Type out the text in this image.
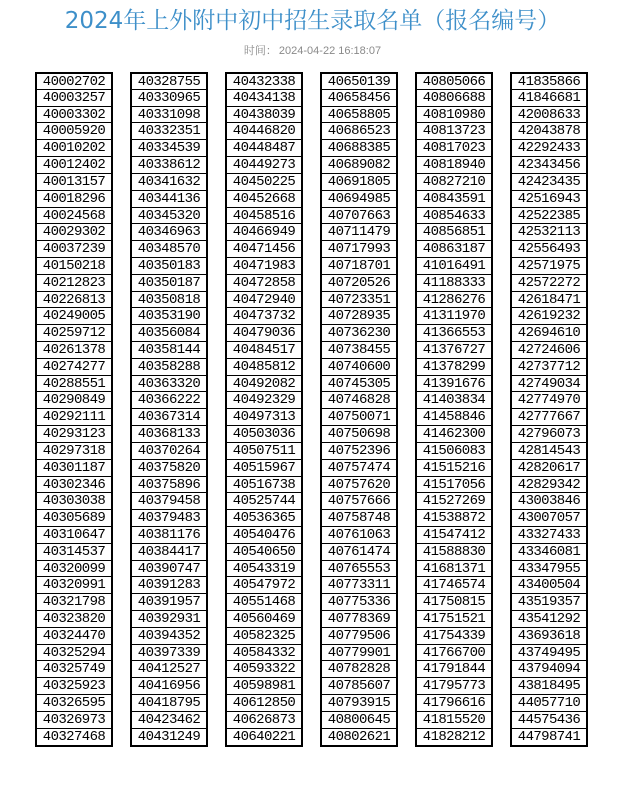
2024年上外附中初中招生录取名单（报名编号）
时间： 2024-04-22 16:18:07
40002702
40003257
40003302
40005920
40010202
40012402
40013157
40018296
40024568
40029302
40037239
40150218
40212823
40226813
40249005
40259712
40261378
40274277
40288551
40290849
40292111
40293123
40297318
40301187
40302346
40303038
40305689
40310647
40314537
40320099
40320991
40321798
40323820
40324470
40325294
40325749
40325923
40326595
40326973
40327468
40328755
40330965
40331098
40332351
40334539
40338612
40341632
40344136
40345320
40346963
40348570
40350183
40350187
40350818
40353190
40356084
40358144
40358288
40363320
40366222
40367314
40368133
40370264
40375820
40375896
40379458
40379483
40381176
40384417
40390747
40391283
40391957
40392931
40394352
40397339
40412527
40416956
40418795
40423462
40431249
40432338
40434138
40438039
40446820
40448487
40449273
40450225
40452668
40458516
40466949
40471456
40471983
40472858
40472940
40473732
40479036
40484517
40485812
40492082
40492329
40497313
40503036
40507511
40515967
40516738
40525744
40536365
40540476
40540650
40543319
40547972
40551468
40560469
40582325
40584332
40593322
40598981
40612850
40626873
40640221
40650139
40658456
40658805
40686523
40688385
40689082
40691805
40694985
40707663
40711479
40717993
40718701
40720526
40723351
40728935
40736230
40738455
40740600
40745305
40746828
40750071
40750698
40752396
40757474
40757620
40757666
40758748
40761063
40761474
40765553
40773311
40775336
40778369
40779506
40779901
40782828
40785607
40793915
40800645
40802621
40805066
40806688
40810980
40813723
40817023
40818940
40827210
40843591
40854633
40856851
40863187
41016491
41188333
41286276
41311970
41366553
41376727
41378299
41391676
41403834
41458846
41462300
41506083
41515216
41517056
41527269
41538872
41547412
41588830
41681371
41746574
41750815
41751521
41754339
41766700
41791844
41795773
41796616
41815520
41828212
41835866
41846681
42008633
42043878
42292433
42343456
42423435
42516943
42522385
42532113
42556493
42571975
42572272
42618471
42619232
42694610
42724606
42737712
42749034
42774970
42777667
42796073
42814543
42820617
42829342
43003846
43007057
43327433
43346081
43347955
43400504
43519357
43541292
43693618
43749495
43794094
43818495
44057710
44575436
44798741
